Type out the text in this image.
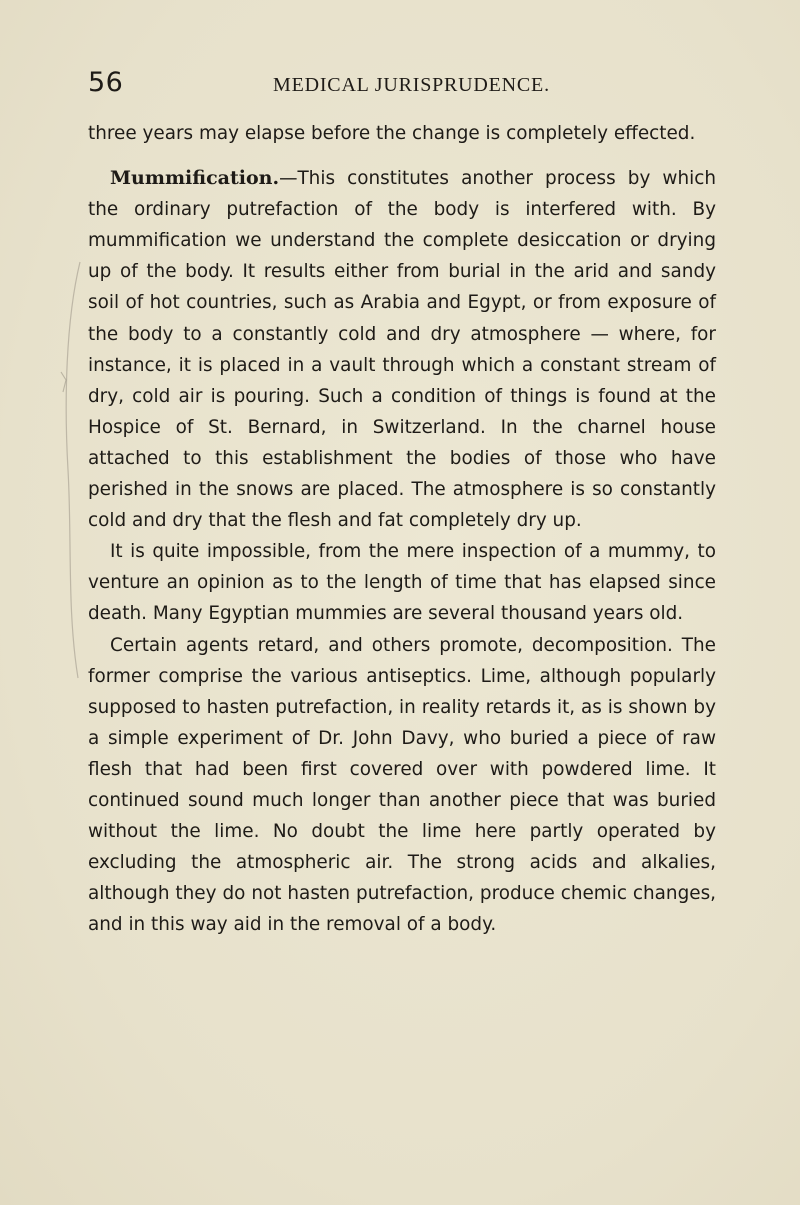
56	MEDICAL JURISPRUDENCE.

three years may elapse before the change is completely effected.

Mummification.—This constitutes another process by which the ordinary putrefaction of the body is interfered with. By mummification we understand the complete desiccation or drying up of the body. It results either from burial in the arid and sandy soil of hot countries, such as Arabia and Egypt, or from exposure of the body to a constantly cold and dry atmosphere — where, for instance, it is placed in a vault through which a constant stream of dry, cold air is pouring. Such a condition of things is found at the Hospice of St. Bernard, in Switzerland. In the charnel house attached to this establishment the bodies of those who have perished in the snows are placed. The atmosphere is so constantly cold and dry that the flesh and fat completely dry up.

It is quite impossible, from the mere inspection of a mummy, to venture an opinion as to the length of time that has elapsed since death. Many Egyptian mummies are several thousand years old.

Certain agents retard, and others promote, decomposition. The former comprise the various antiseptics. Lime, although popularly supposed to hasten putrefaction, in reality retards it, as is shown by a simple experiment of Dr. John Davy, who buried a piece of raw flesh that had been first covered over with powdered lime. It continued sound much longer than another piece that was buried without the lime. No doubt the lime here partly operated by excluding the atmospheric air. The strong acids and alkalies, although they do not hasten putrefaction, produce chemic changes, and in this way aid in the removal of a body.
